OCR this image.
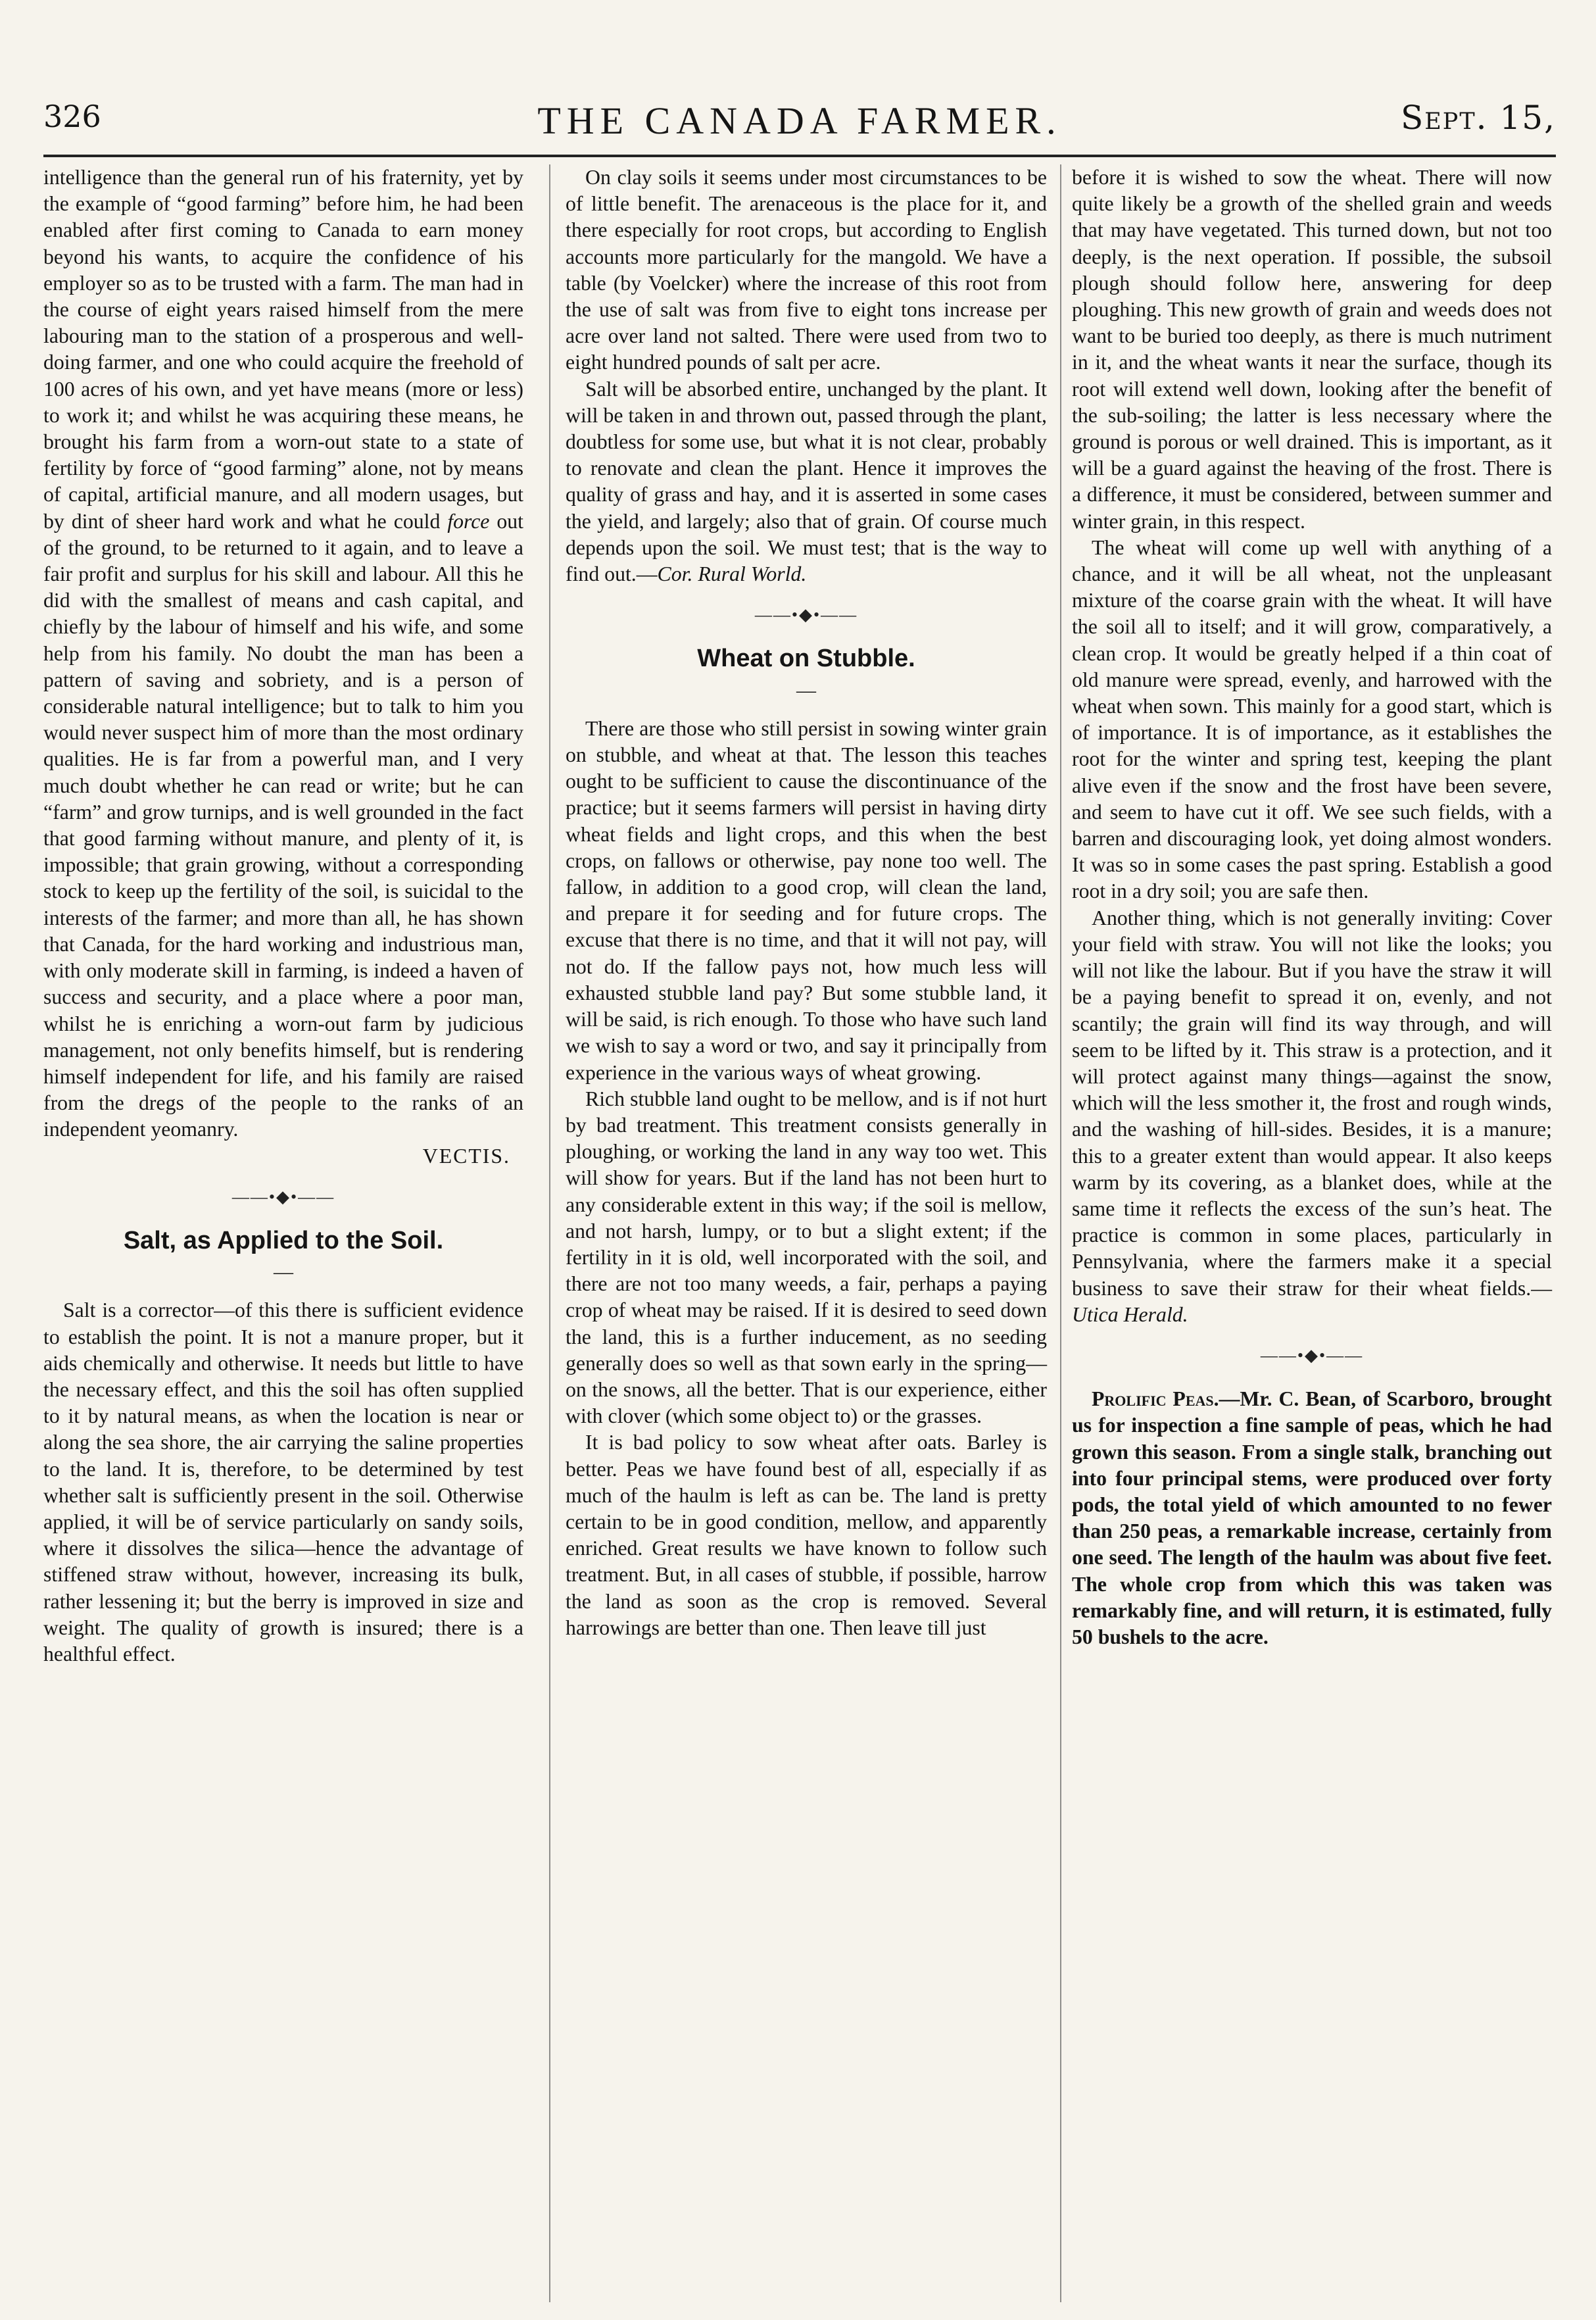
326	THE CANADA FARMER.	Sept. 15,

intelligence than the general run of his fraternity, yet by the example of “good farming” before him, he had been enabled after first coming to Canada to earn money beyond his wants, to acquire the confidence of his employer so as to be trusted with a farm. The man had in the course of eight years raised himself from the mere labouring man to the station of a prosperous and well-doing farmer, and one who could acquire the freehold of 100 acres of his own, and yet have means (more or less) to work it; and whilst he was acquiring these means, he brought his farm from a worn-out state to a state of fertility by force of “good farming” alone, not by means of capital, artificial manure, and all modern usages, but by dint of sheer hard work and what he could force out of the ground, to be returned to it again, and to leave a fair profit and surplus for his skill and labour. All this he did with the smallest of means and cash capital, and chiefly by the labour of himself and his wife, and some help from his family. No doubt the man has been a pattern of saving and sobriety, and is a person of considerable natural intelligence; but to talk to him you would never suspect him of more than the most ordinary qualities. He is far from a powerful man, and I very much doubt whether he can read or write; but he can “farm” and grow turnips, and is well grounded in the fact that good farming without manure, and plenty of it, is impossible; that grain growing, without a corresponding stock to keep up the fertility of the soil, is suicidal to the interests of the farmer; and more than all, he has shown that Canada, for the hard working and industrious man, with only moderate skill in farming, is indeed a haven of success and security, and a place where a poor man, whilst he is enriching a worn-out farm by judicious management, not only benefits himself, but is rendering himself independent for life, and his family are raised from the dregs of the people to the ranks of an independent yeomanry.

VECTIS.

——•◆•——
Salt, as Applied to the Soil.
—

Salt is a corrector—of this there is sufficient evidence to establish the point. It is not a manure proper, but it aids chemically and otherwise. It needs but little to have the necessary effect, and this the soil has often supplied to it by natural means, as when the location is near or along the sea shore, the air carrying the saline properties to the land. It is, therefore, to be determined by test whether salt is sufficiently present in the soil. Otherwise applied, it will be of service particularly on sandy soils, where it dissolves the silica—hence the advantage of stiffened straw without, however, increasing its bulk, rather lessening it; but the berry is improved in size and weight. The quality of growth is insured; there is a healthful effect.

On clay soils it seems under most circumstances to be of little benefit. The arenaceous is the place for it, and there especially for root crops, but according to English accounts more particularly for the mangold. We have a table (by Voelcker) where the increase of this root from the use of salt was from five to eight tons increase per acre over land not salted. There were used from two to eight hundred pounds of salt per acre.

Salt will be absorbed entire, unchanged by the plant. It will be taken in and thrown out, passed through the plant, doubtless for some use, but what it is not clear, probably to renovate and clean the plant. Hence it improves the quality of grass and hay, and it is asserted in some cases the yield, and largely; also that of grain. Of course much depends upon the soil. We must test; that is the way to find out.—Cor. Rural World.

——•◆•——
Wheat on Stubble.
—

There are those who still persist in sowing winter grain on stubble, and wheat at that. The lesson this teaches ought to be sufficient to cause the discontinuance of the practice; but it seems farmers will persist in having dirty wheat fields and light crops, and this when the best crops, on fallows or otherwise, pay none too well. The fallow, in addition to a good crop, will clean the land, and prepare it for seeding and for future crops. The excuse that there is no time, and that it will not pay, will not do. If the fallow pays not, how much less will exhausted stubble land pay? But some stubble land, it will be said, is rich enough. To those who have such land we wish to say a word or two, and say it principally from experience in the various ways of wheat growing.

Rich stubble land ought to be mellow, and is if not hurt by bad treatment. This treatment consists generally in ploughing, or working the land in any way too wet. This will show for years. But if the land has not been hurt to any considerable extent in this way; if the soil is mellow, and not harsh, lumpy, or to but a slight extent; if the fertility in it is old, well incorporated with the soil, and there are not too many weeds, a fair, perhaps a paying crop of wheat may be raised. If it is desired to seed down the land, this is a further inducement, as no seeding generally does so well as that sown early in the spring—on the snows, all the better. That is our experience, either with clover (which some object to) or the grasses.

It is bad policy to sow wheat after oats. Barley is better. Peas we have found best of all, especially if as much of the haulm is left as can be. The land is pretty certain to be in good condition, mellow, and apparently enriched. Great results we have known to follow such treatment. But, in all cases of stubble, if possible, harrow the land as soon as the crop is removed. Several harrowings are better than one. Then leave till just

before it is wished to sow the wheat. There will now quite likely be a growth of the shelled grain and weeds that may have vegetated. This turned down, but not too deeply, is the next operation. If possible, the subsoil plough should follow here, answering for deep ploughing. This new growth of grain and weeds does not want to be buried too deeply, as there is much nutriment in it, and the wheat wants it near the surface, though its root will extend well down, looking after the benefit of the sub-soiling; the latter is less necessary where the ground is porous or well drained. This is important, as it will be a guard against the heaving of the frost. There is a difference, it must be considered, between summer and winter grain, in this respect.

The wheat will come up well with anything of a chance, and it will be all wheat, not the unpleasant mixture of the coarse grain with the wheat. It will have the soil all to itself; and it will grow, comparatively, a clean crop. It would be greatly helped if a thin coat of old manure were spread, evenly, and harrowed with the wheat when sown. This mainly for a good start, which is of importance. It is of importance, as it establishes the root for the winter and spring test, keeping the plant alive even if the snow and the frost have been severe, and seem to have cut it off. We see such fields, with a barren and discouraging look, yet doing almost wonders. It was so in some cases the past spring. Establish a good root in a dry soil; you are safe then.

Another thing, which is not generally inviting: Cover your field with straw. You will not like the looks; you will not like the labour. But if you have the straw it will be a paying benefit to spread it on, evenly, and not scantily; the grain will find its way through, and will seem to be lifted by it. This straw is a protection, and it will protect against many things—against the snow, which will the less smother it, the frost and rough winds, and the washing of hill-sides. Besides, it is a manure; this to a greater extent than would appear. It also keeps warm by its covering, as a blanket does, while at the same time it reflects the excess of the sun’s heat. The practice is common in some places, particularly in Pennsylvania, where the farmers make it a special business to save their straw for their wheat fields.—Utica Herald.

——•◆•——

Prolific Peas.—Mr. C. Bean, of Scarboro, brought us for inspection a fine sample of peas, which he had grown this season. From a single stalk, branching out into four principal stems, were produced over forty pods, the total yield of which amounted to no fewer than 250 peas, a remarkable increase, certainly from one seed. The length of the haulm was about five feet. The whole crop from which this was taken was remarkably fine, and will return, it is estimated, fully 50 bushels to the acre.
